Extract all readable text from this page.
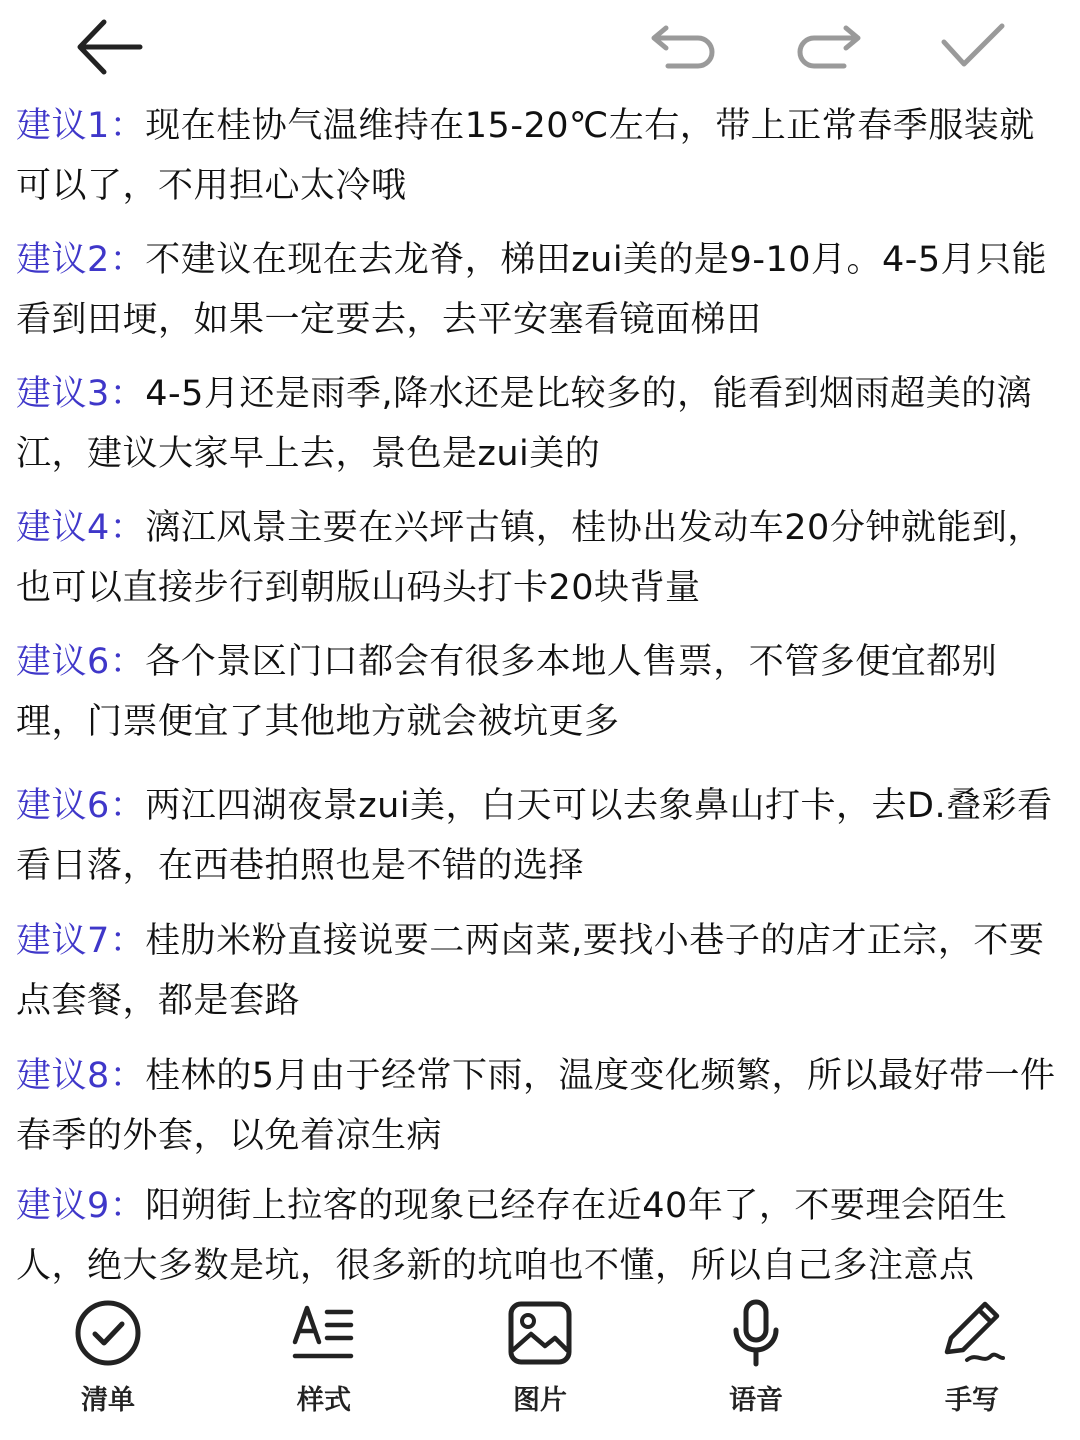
建议1：现在桂协气温维持在15-20℃左右，带上正常春季服装就可以了，不用担心太冷哦

建议2：不建议在现在去龙脊，梯田zui美的是9-10月。4-5月只能看到田埂，如果一定要去，去平安塞看镜面梯田

建议3：4-5月还是雨季,降水还是比较多的，能看到烟雨超美的漓江，建议大家早上去，景色是zui美的

建议4：漓江风景主要在兴坪古镇，桂协出发动车20分钟就能到，也可以直接步行到朝版山码头打卡20块背量

建议6：各个景区门口都会有很多本地人售票，不管多便宜都别理，门票便宜了其他地方就会被坑更多

建议6：两江四湖夜景zui美，白天可以去象鼻山打卡，去D.叠彩看看日落，在西巷拍照也是不错的选择

建议7：桂肋米粉直接说要二两卤菜,要找小巷子的店才正宗，不要点套餐，都是套路

建议8：桂林的5月由于经常下雨，温度变化频繁，所以最好带一件春季的外套，以免着凉生病

建议9：阳朔街上拉客的现象已经存在近40年了，不要理会陌生人，绝大多数是坑，很多新的坑咱也不懂，所以自己多注意点

清单	样式	图片	语音	手写
